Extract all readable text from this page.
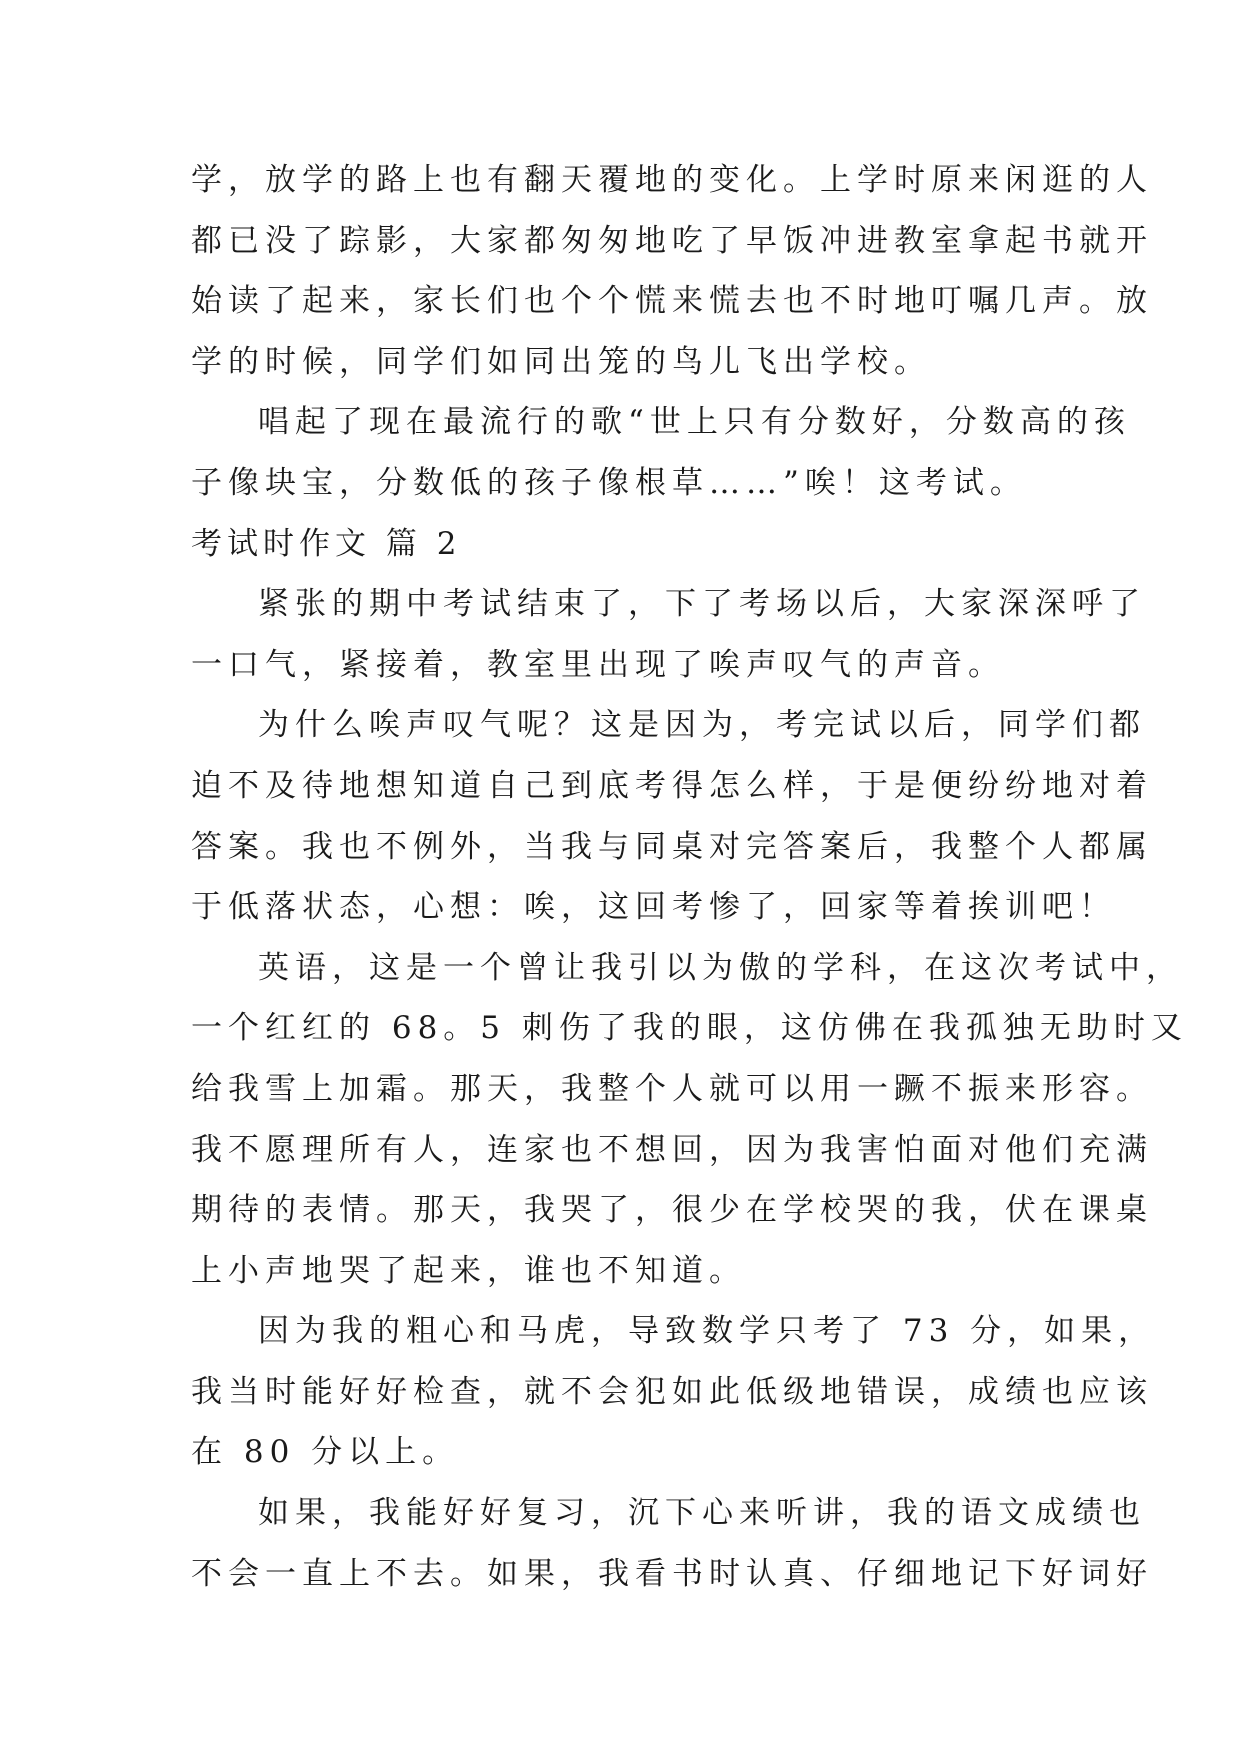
学，放学的路上也有翻天覆地的变化。上学时原来闲逛的人
都已没了踪影，大家都匆匆地吃了早饭冲进教室拿起书就开
始读了起来，家长们也个个慌来慌去也不时地叮嘱几声。放
学的时候，同学们如同出笼的鸟儿飞出学校。
唱起了现在最流行的歌“世上只有分数好，分数高的孩
子像块宝，分数低的孩子像根草……”唉！这考试。
考试时作文 篇 2
紧张的期中考试结束了，下了考场以后，大家深深呼了
一口气，紧接着，教室里出现了唉声叹气的声音。
为什么唉声叹气呢？这是因为，考完试以后，同学们都
迫不及待地想知道自己到底考得怎么样，于是便纷纷地对着
答案。我也不例外，当我与同桌对完答案后，我整个人都属
于低落状态，心想：唉，这回考惨了，回家等着挨训吧！
英语，这是一个曾让我引以为傲的学科，在这次考试中，
一个红红的 68。5 刺伤了我的眼，这仿佛在我孤独无助时又
给我雪上加霜。那天，我整个人就可以用一蹶不振来形容。
我不愿理所有人，连家也不想回，因为我害怕面对他们充满
期待的表情。那天，我哭了，很少在学校哭的我，伏在课桌
上小声地哭了起来，谁也不知道。
因为我的粗心和马虎，导致数学只考了 73 分，如果，
我当时能好好检查，就不会犯如此低级地错误，成绩也应该
在 80 分以上。
如果，我能好好复习，沉下心来听讲，我的语文成绩也
不会一直上不去。如果，我看书时认真、仔细地记下好词好
